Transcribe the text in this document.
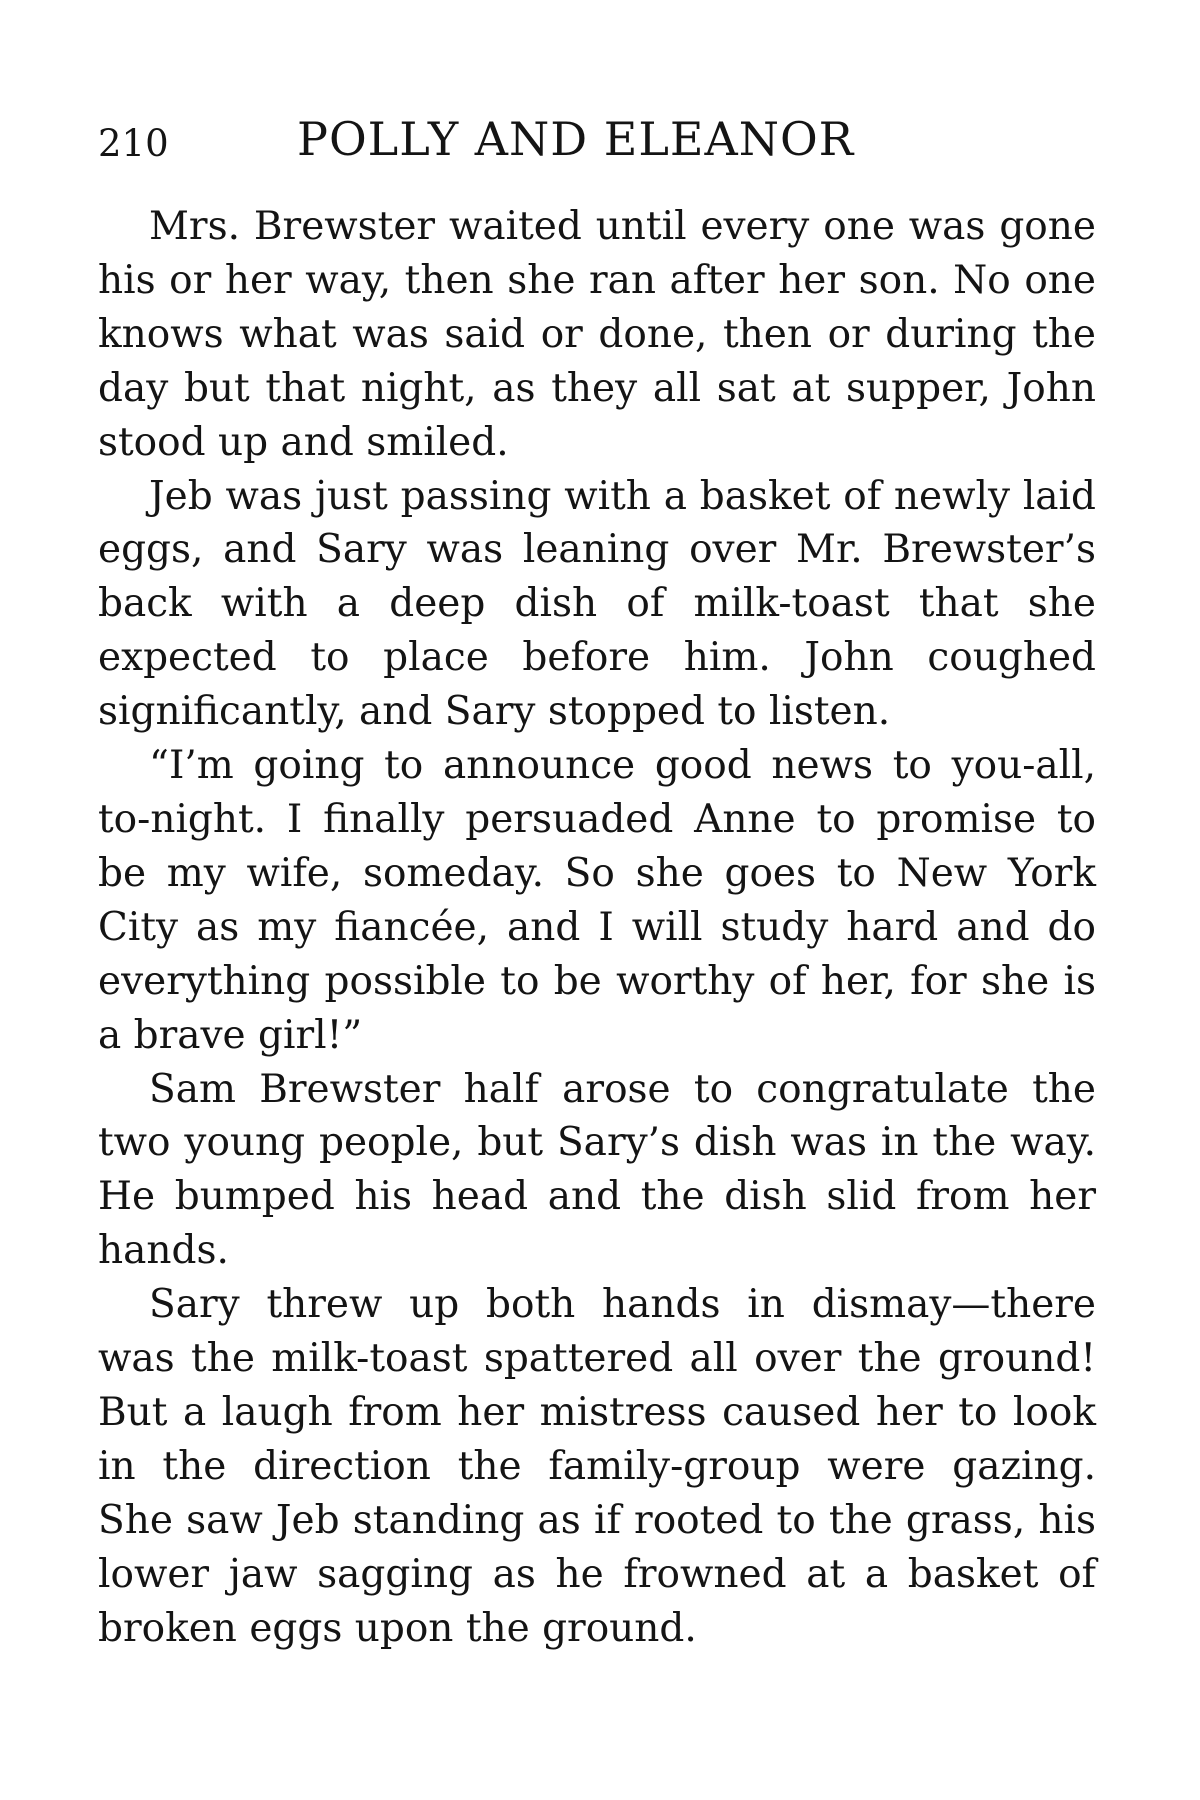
210	POLLY AND ELEANOR

Mrs. Brewster waited until every one was gone his or her way, then she ran after her son. No one knows what was said or done, then or during the day but that night, as they all sat at supper, John stood up and smiled.

Jeb was just passing with a basket of newly laid eggs, and Sary was leaning over Mr. Brewster’s back with a deep dish of milk-toast that she expected to place before him. John coughed significantly, and Sary stopped to listen.

“I’m going to announce good news to you-all, to-night. I finally persuaded Anne to promise to be my wife, someday. So she goes to New York City as my fiancée, and I will study hard and do everything possible to be worthy of her, for she is a brave girl!”

Sam Brewster half arose to congratulate the two young people, but Sary’s dish was in the way. He bumped his head and the dish slid from her hands.

Sary threw up both hands in dismay—there was the milk-toast spattered all over the ground! But a laugh from her mistress caused her to look in the direction the family-group were gazing. She saw Jeb standing as if rooted to the grass, his lower jaw sagging as he frowned at a basket of broken eggs upon the ground.
